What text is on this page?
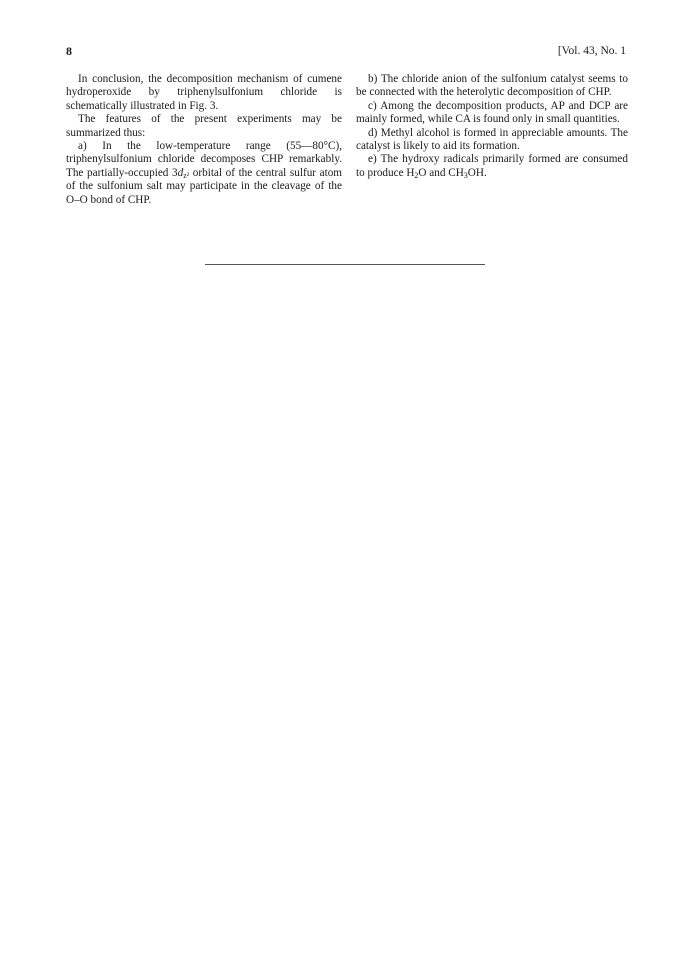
8	[Vol. 43, No. 1

In conclusion, the decomposition mechanism of cumene hydroperoxide by triphenylsulfonium chloride is schematically illustrated in Fig. 3.

The features of the present experiments may be summarized thus:

a) In the low-temperature range (55—80°C), triphenylsulfonium chloride decomposes CHP remarkably. The partially-occupied $3d_{z^2}$ orbital of the central sulfur atom of the sulfonium salt may participate in the cleavage of the O–O bond of CHP.

b) The chloride anion of the sulfonium catalyst seems to be connected with the heterolytic decomposition of CHP.

c) Among the decomposition products, AP and DCP are mainly formed, while CA is found only in small quantities.

d) Methyl alcohol is formed in appreciable amounts. The catalyst is likely to aid its formation.

e) The hydroxy radicals primarily formed are consumed to produce $H_2O$ and $CH_3OH$.
